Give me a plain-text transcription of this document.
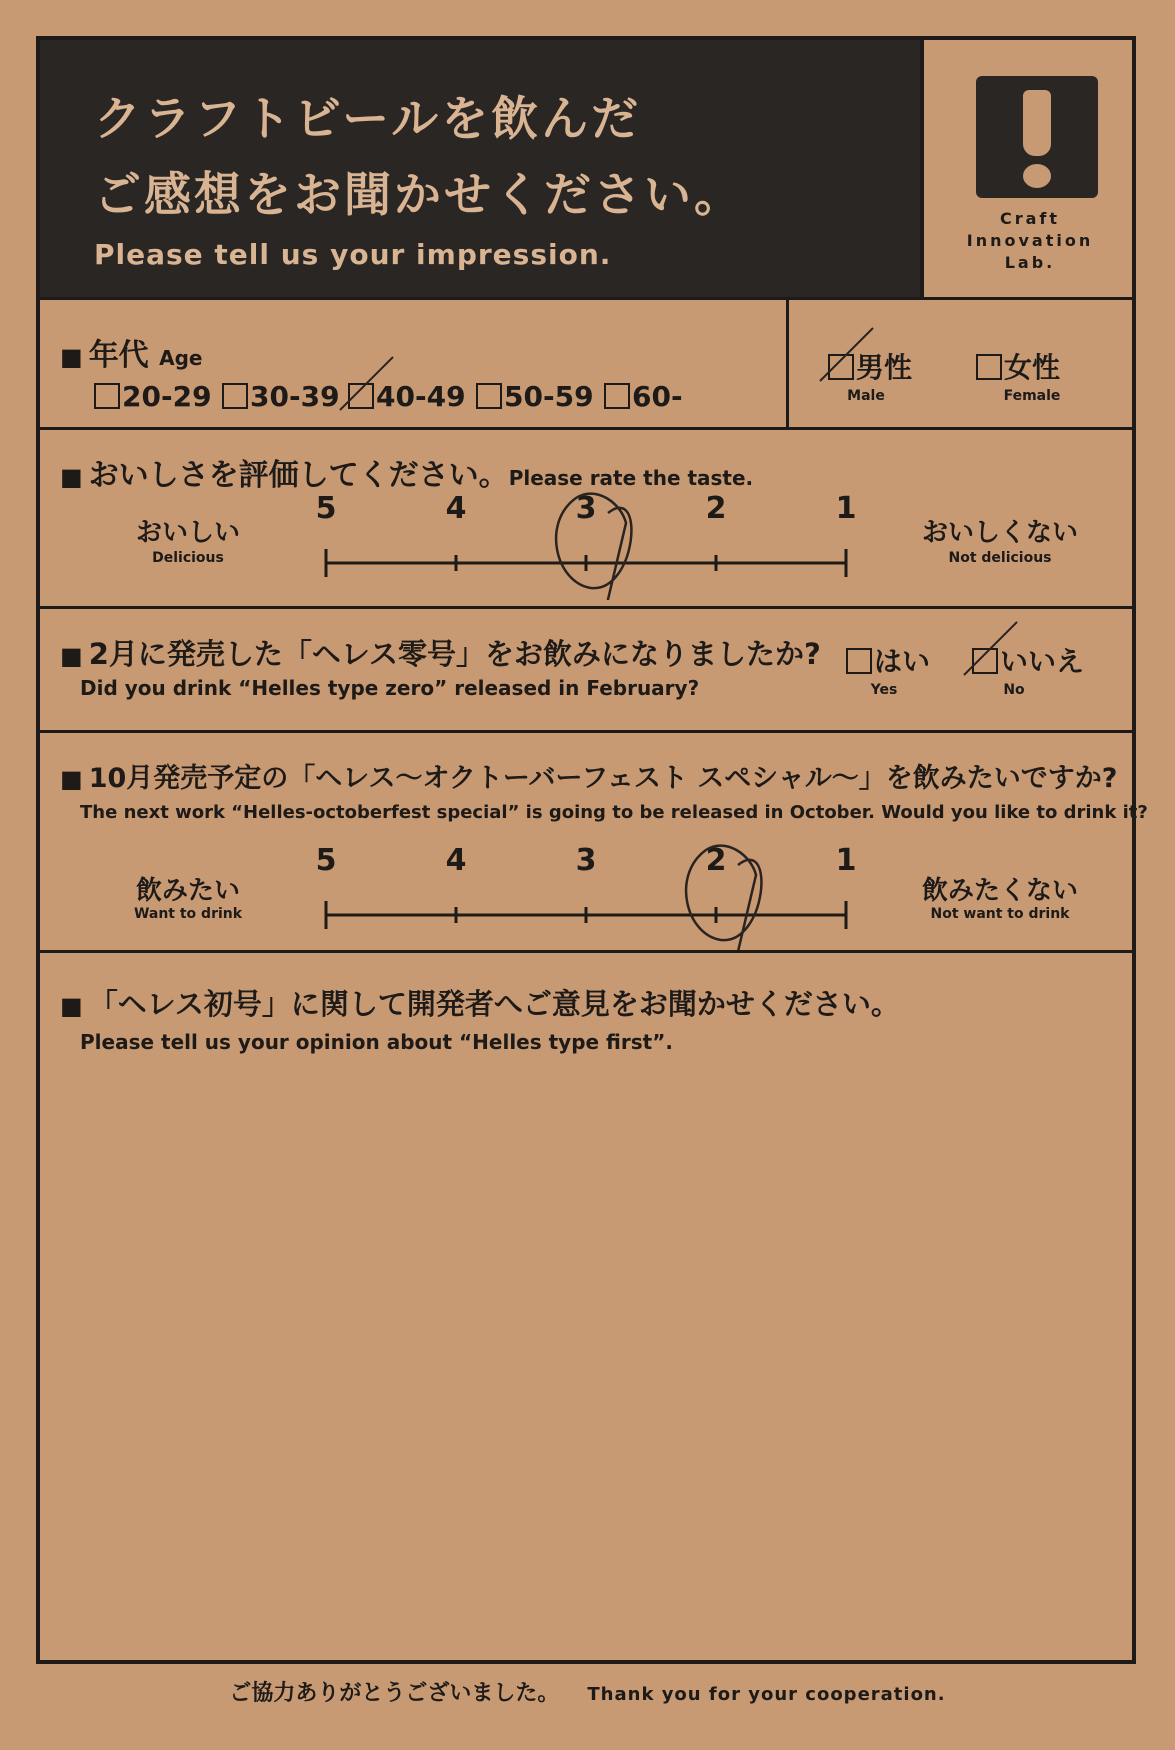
クラフトビールを飲んだ
ご感想をお聞かせください。
Please tell us your impression.
Craft
Innovation
Lab.
■ 年代 Age
20-29	30-39	40-49	50-59	60-
男性
Male
女性
Female
■ おいしさを評価してください。Please rate the taste.
おいしい
Delicious
おいしくない
Not delicious
5	4	3	2	1
■ 2月に発売した「ヘレス零号」をお飲みになりましたか?
Did you drink “Helles type zero” released in February?
はい
Yes
いいえ
No
■ 10月発売予定の「ヘレス～オクトーバーフェスト スペシャル～」を飲みたいですか?
The next work “Helles-octoberfest special” is going to be released in October. Would you like to drink it?
飲みたい
Want to drink
飲みたくない
Not want to drink
5	4	3	2	1
■ 「ヘレス初号」に関して開発者へご意見をお聞かせください。
Please tell us your opinion about “Helles type first”.
ご協力ありがとうございました。 Thank you for your cooperation.
